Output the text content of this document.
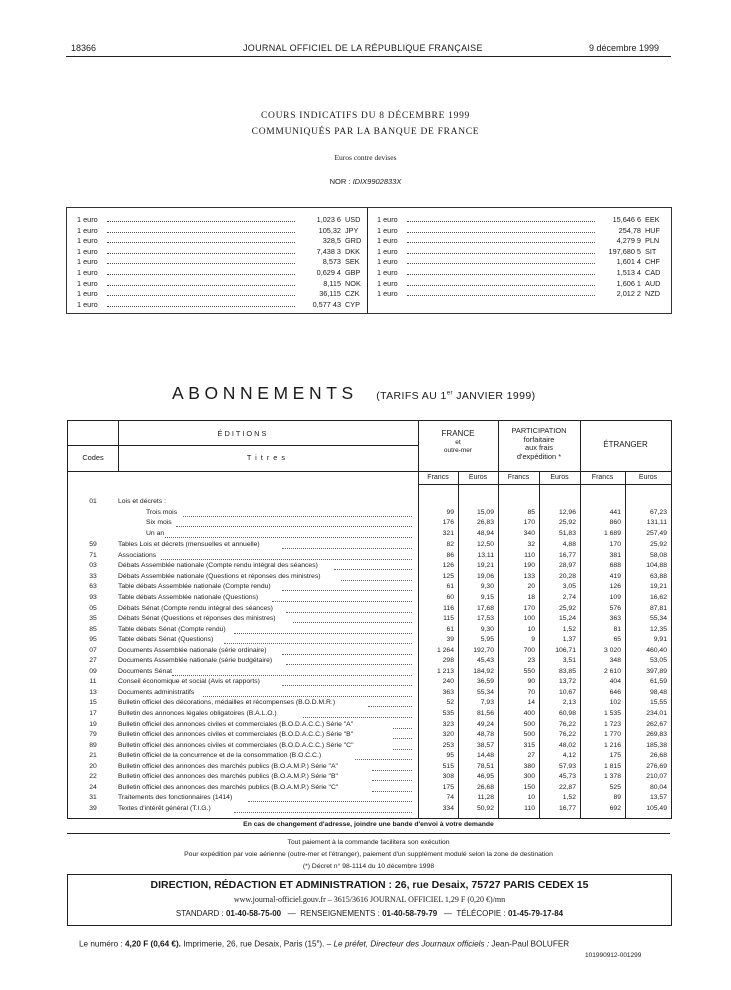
18366	JOURNAL OFFICIEL DE LA RÉPUBLIQUE FRANÇAISE	9 décembre 1999
COURS INDICATIFS DU 8 DÉCEMBRE 1999
COMMUNIQUÉS PAR LA BANQUE DE FRANCE
Euros contre devises
NOR : IDIX9902833X
1 euro	1,023 6 USD
1 euro	105,32 JPY
1 euro	328,5 GRD
1 euro	7,438 3 DKK
1 euro	8,573 SEK
1 euro	0,629 4 GBP
1 euro	8,115 NOK
1 euro	36,115 CZK
1 euro	0,577 43 CYP
1 euro	15,646 6 EEK
1 euro	254,78 HUF
1 euro	4,279 9 PLN
1 euro	197,680 5 SIT
1 euro	1,601 4 CHF
1 euro	1,513 4 CAD
1 euro	1,606 1 AUD
1 euro	2,012 2 NZD
ABONNEMENTS (TARIFS AU 1er JANVIER 1999)
ÉDITIONS
Codes	Titres
FRANCE
et
outre-mer
PARTICIPATION
forfaitaire
aux frais
d'expédition *
ÉTRANGER
Francs	Euros	Francs	Euros	Francs	Euros
01	Lois et décrets :
Trois mois	99	15,09	85	12,96	441	67,23
Six mois	176	26,83	170	25,92	860	131,11
Un an	321	48,94	340	51,83	1 689	257,49
59	Tables Lois et décrets (mensuelles et annuelle)	82	12,50	32	4,88	170	25,92
71	Associations	86	13,11	110	16,77	381	58,08
03	Débats Assemblée nationale (Compte rendu intégral des séances)	126	19,21	190	28,97	688	104,88
33	Débats Assemblée nationale (Questions et réponses des ministres)	125	19,06	133	20,28	419	63,88
63	Table débats Assemblée nationale (Compte rendu)	61	9,30	20	3,05	126	19,21
93	Table débats Assemblée nationale (Questions)	60	9,15	18	2,74	109	16,62
05	Débats Sénat (Compte rendu intégral des séances)	116	17,68	170	25,92	576	87,81
35	Débats Sénat (Questions et réponses des ministres)	115	17,53	100	15,24	363	55,34
85	Table débats Sénat (Compte rendu)	61	9,30	10	1,52	81	12,35
95	Table débats Sénat (Questions)	39	5,95	9	1,37	65	9,91
07	Documents Assemblée nationale (série ordinaire)	1 264	192,70	700	106,71	3 020	460,40
27	Documents Assemblée nationale (série budgétaire)	298	45,43	23	3,51	348	53,05
09	Documents Sénat	1 213	184,92	550	83,85	2 610	397,89
11	Conseil économique et social (Avis et rapports)	240	36,59	90	13,72	404	61,59
13	Documents administratifs	363	55,34	70	10,67	646	98,48
15	Bulletin officiel des décorations, médailles et récompenses (B.O.D.M.R.)	52	7,93	14	2,13	102	15,55
17	Bulletin des annonces légales obligatoires (B.A.L.O.)	535	81,56	400	60,98	1 535	234,01
19	Bulletin officiel des annonces civiles et commerciales (B.O.D.A.C.C.) Série "A"	323	49,24	500	76,22	1 723	262,67
79	Bulletin officiel des annonces civiles et commerciales (B.O.D.A.C.C.) Série "B"	320	48,78	500	76,22	1 770	269,83
89	Bulletin officiel des annonces civiles et commerciales (B.O.D.A.C.C.) Série "C"	253	38,57	315	48,02	1 216	185,38
21	Bulletin officiel de la concurrence et de la consommation (B.O.C.C.)	95	14,48	27	4,12	175	26,68
20	Bulletin officiel des annonces des marchés publics (B.O.A.M.P.) Série "A"	515	78,51	380	57,93	1 815	276,69
22	Bulletin officiel des annonces des marchés publics (B.O.A.M.P.) Série "B"	308	46,95	300	45,73	1 378	210,07
24	Bulletin officiel des annonces des marchés publics (B.O.A.M.P.) Série "C"	175	26,68	150	22,87	525	80,04
31	Traitements des fonctionnaires (1414)	74	11,28	10	1,52	89	13,57
39	Textes d'intérêt général (T.I.G.)	334	50,92	110	16,77	692	105,49
En cas de changement d'adresse, joindre une bande d'envoi à votre demande
Tout paiement à la commande facilitera son exécution
Pour expédition par voie aérienne (outre-mer et l'étranger), paiement d'un supplément modulé selon la zone de destination
(*) Décret n° 98-1114 du 10 décembre 1998
DIRECTION, RÉDACTION ET ADMINISTRATION : 26, rue Desaix, 75727 PARIS CEDEX 15
www.journal-officiel.gouv.fr – 3615/3616 JOURNAL OFFICIEL 1,29 F (0,20 €)/mn
STANDARD : 01-40-58-75-00   —  RENSEIGNEMENTS : 01-40-58-79-79   —  TÉLÉCOPIE : 01-45-79-17-84
Le numéro : 4,20 F (0,64 €). Imprimerie, 26, rue Desaix, Paris (15e). – Le préfet, Directeur des Journaux officiels : Jean-Paul BOLUFER
101990912-001299
